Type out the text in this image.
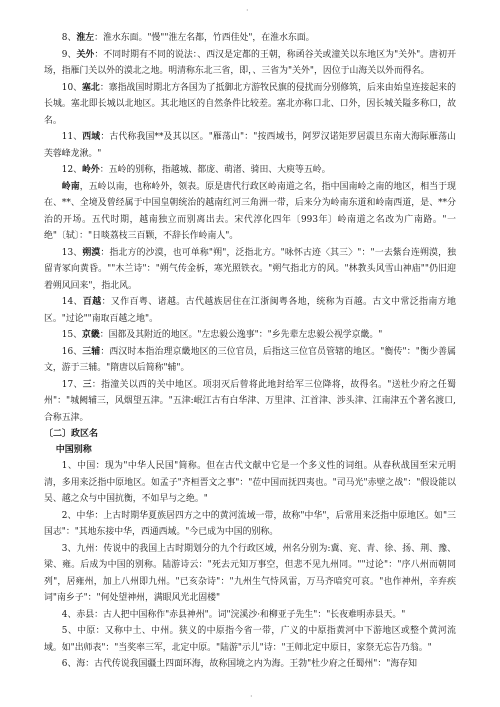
·

8、淮左：淮水东面。"慢""淮左名都，竹西佳处"，在淮水东面。

9、关外：不同时期有不同的说法：、西汉是定都的王朝，称函谷关或潼关以东地区为"关外"。唐初开场，指雁门关以外的漠北之地。明清称东北三省，即，、三省为"关外"，因位于山海关以外而得名。

10、塞北：寨指战国时期北方各国为了抵御北方游牧民旗的侵扰而分别修筑，后来由始皇连接起来的长城。塞北即长城以北地区。其北地区的自然条件比较差。塞北亦称口北、口外，因长城关隘多称口，故名。

11、西域：古代称我国**及其以区。"雁荡山"："按西域书，阿罗汉诺矩罗居震旦东南大海际雁荡山芙蓉峰龙湫。"

12、岭外：五岭的别称，指越城、都庞、萌渚、骑田、大庾等五岭。

岭南，五岭以南，也称岭外，领表。原是唐代行政区岭南道之名，指中国南岭之南的地区，相当于现在、**、全境及曾经属于中国皇朝统治的越南红河三角洲一带，后来分为岭南东道和岭南西道，是、**分治的开场。五代时期，越南独立而别离出去。宋代淳化四年〔993年〕岭南道之名改为广南路。"一绝"〔轼〕："日啖荔枝三百颗，不辞长作岭南人"。

13、朔漠：指北方的沙漠，也可单称"朔"，泛指北方。"咏怀古迹〈其三〉"："一去紫台连朔漠，独留青冢向黄昏。""木兰诗"："朔气传金柝，寒光照铁衣。"朔气指北方的风。"林教头风雪山神庙""仍旧迎着朔风回来"，指北风。

14、百越：又作百粤、诸越。古代越族居住在江浙闽粤各地，统称为百越。古文中常泛指南方地区。"过论""南取百越之地"。

15、京畿：国都及其附近的地区。"左忠毅公逸事"："乡先辈左忠毅公视学京畿。"

16、三辅：西汉时本指治理京畿地区的三位官员，后指这三位官员管辖的地区。"衡传"："衡少善属文，游于三辅。"隋唐以后简称"辅"。

17、三：指潼关以西的关中地区。项羽灭后曾将此地封给军三位降将，故得名。"送杜少府之任蜀州"："城阙辅三，风烟望五津。"五津:岷江古有白华津、万里津、江首津、涉头津、江南津五个著名渡口,合称五津。

〔二〕政区名

中国别称

1、中国：现为"中华人民国"简称。但在古代文献中它是一个多义性的词组。从春秋战国至宋元明清，多用来泛指中原地区。如孟子"齐桓晋文之事"："莅中国而抚四夷也。"司马光"赤壁之战"："假设能以吴、越之众与中国抗衡，不如早与之绝。"

2、中华：上古时期华夏族居四方之中的黄河流域一带，故称"中华"，后常用来泛指中原地区。如"三国志"："其地东接中华，西通西域。"今已成为中国的别称。

3、九州：传说中的我国上古时期划分的九个行政区域，州名分别为:冀、兖、青、徐、扬、荆、豫、梁、雍。后成为中国的别称。陆游诗云："死去元知万事空，但悲不见九州同。""过论"："序八州而朝同列"，居雍州，加上八州即九州。"已亥杂诗"："九州生气恃风雷，万马齐喑究可哀。"也作神州，辛弃疾词"南乡子"："何处望神州，满眼风光北固楼"

4、赤县：古人把中国称作"赤县神州"。词"浣溪沙·和柳亚子先生"："长夜难明赤县天。"

5、中原：又称中土、中州。狭义的中原指今省一带，广义的中原指黄河中下游地区或整个黄河流域。如"出师表"："当奖率三军，北定中原。"陆游"示儿"诗："王师北定中原日，家祭无忘告乃翁。"

6、海：古代传说我国疆土四面环海，故称国境之内为海。王勃"杜少府之任蜀州"："海存知

·
